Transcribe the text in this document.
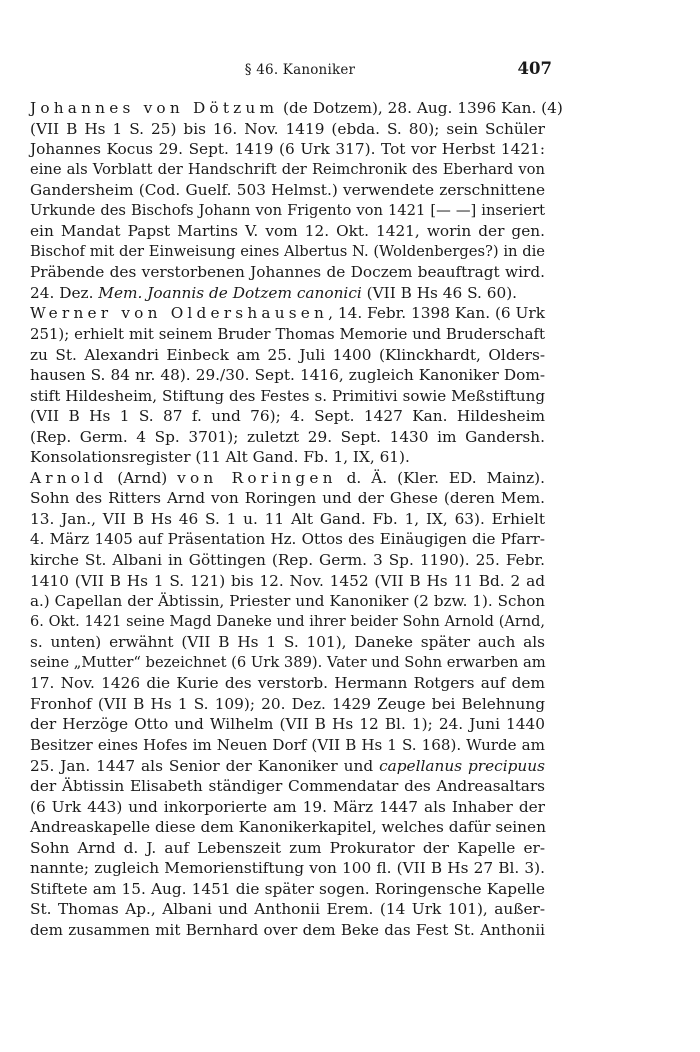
§ 46. Kanoniker	407
Johannes von Dötzum (de Dotzem), 28. Aug. 1396 Kan. (4)
(VII B Hs 1 S. 25) bis 16. Nov. 1419 (ebda. S. 80); sein Schüler
Johannes Kocus 29. Sept. 1419 (6 Urk 317). Tot vor Herbst 1421:
eine als Vorblatt der Handschrift der Reimchronik des Eberhard von
Gandersheim (Cod. Guelf. 503 Helmst.) verwendete zerschnittene
Urkunde des Bischofs Johann von Frigento von 1421 [— —] inseriert
ein Mandat Papst Martins V. vom 12. Okt. 1421, worin der gen.
Bischof mit der Einweisung eines Albertus N. (Woldenberges?) in die
Präbende des verstorbenen Johannes de Doczem beauftragt wird.
24. Dez. Mem. Joannis de Dotzem canonici (VII B Hs 46 S. 60).
Werner von Oldershausen, 14. Febr. 1398 Kan. (6 Urk
251); erhielt mit seinem Bruder Thomas Memorie und Bruderschaft
zu St. Alexandri Einbeck am 25. Juli 1400 (Klinckhardt, Olders-
hausen S. 84 nr. 48). 29./30. Sept. 1416, zugleich Kanoniker Dom-
stift Hildesheim, Stiftung des Festes s. Primitivi sowie Meßstiftung
(VII B Hs 1 S. 87 f. und 76); 4. Sept. 1427 Kan. Hildesheim
(Rep. Germ. 4 Sp. 3701); zuletzt 29. Sept. 1430 im Gandersh.
Konsolationsregister (11 Alt Gand. Fb. 1, IX, 61).
Arnold (Arnd) von Roringen d. Ä. (Kler. ED. Mainz).
Sohn des Ritters Arnd von Roringen und der Ghese (deren Mem.
13. Jan., VII B Hs 46 S. 1 u. 11 Alt Gand. Fb. 1, IX, 63). Erhielt
4. März 1405 auf Präsentation Hz. Ottos des Einäugigen die Pfarr-
kirche St. Albani in Göttingen (Rep. Germ. 3 Sp. 1190). 25. Febr.
1410 (VII B Hs 1 S. 121) bis 12. Nov. 1452 (VII B Hs 11 Bd. 2 ad
a.) Capellan der Äbtissin, Priester und Kanoniker (2 bzw. 1). Schon
6. Okt. 1421 seine Magd Daneke und ihrer beider Sohn Arnold (Arnd,
s. unten) erwähnt (VII B Hs 1 S. 101), Daneke später auch als
seine „Mutter“ bezeichnet (6 Urk 389). Vater und Sohn erwarben am
17. Nov. 1426 die Kurie des verstorb. Hermann Rotgers auf dem
Fronhof (VII B Hs 1 S. 109); 20. Dez. 1429 Zeuge bei Belehnung
der Herzöge Otto und Wilhelm (VII B Hs 12 Bl. 1); 24. Juni 1440
Besitzer eines Hofes im Neuen Dorf (VII B Hs 1 S. 168). Wurde am
25. Jan. 1447 als Senior der Kanoniker und capellanus precipuus
der Äbtissin Elisabeth ständiger Commendatar des Andreasaltars
(6 Urk 443) und inkorporierte am 19. März 1447 als Inhaber der
Andreaskapelle diese dem Kanonikerkapitel, welches dafür seinen
Sohn Arnd d. J. auf Lebenszeit zum Prokurator der Kapelle er-
nannte; zugleich Memorienstiftung von 100 fl. (VII B Hs 27 Bl. 3).
Stiftete am 15. Aug. 1451 die später sogen. Roringensche Kapelle
St. Thomas Ap., Albani und Anthonii Erem. (14 Urk 101), außer-
dem zusammen mit Bernhard over dem Beke das Fest St. Anthonii
